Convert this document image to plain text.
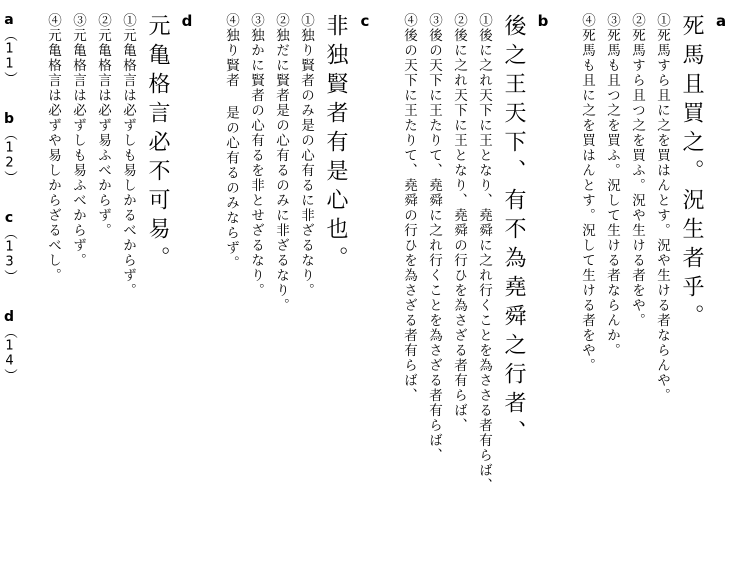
a
死馬且買之。況生者乎。
①死馬すら且に之を買はんとす。況や生ける者ならんや。
②死馬すら且つ之を買ふ。況や生ける者をや。
③死馬も且つ之を買ふ。況して生ける者ならんか。
④死馬も且に之を買はんとす。況して生ける者をや。
b
後之王天下、有不為堯舜之行者、
①後に之れ天下に王となり、堯舜に之れ行くことを為ささる者有らば、
②後に之れ天下に王となり、堯舜の行ひを為さざる者有らば、
③後の天下に王たりて、堯舜に之れ行くことを為さざる者有らば、
④後の天下に王たりて、堯舜の行ひを為さざる者有らば、
c
非独賢者有是心也。
①独り賢者のみ是の心有るに非ざるなり。
②独だに賢者是の心有るのみに非ざるなり。
③独かに賢者の心有るを非とせざるなり。
④独り賢者 是の心有るのみならず。
d
元亀格言必不可易。
①元亀格言は必ずしも易しかるべからず。
②元亀格言は必ず易ふべからず。
③元亀格言は必ずしも易ふべからず。
④元亀格言は必ずや易しからざるべし。
a（11）b（12）c（13）d（14）
